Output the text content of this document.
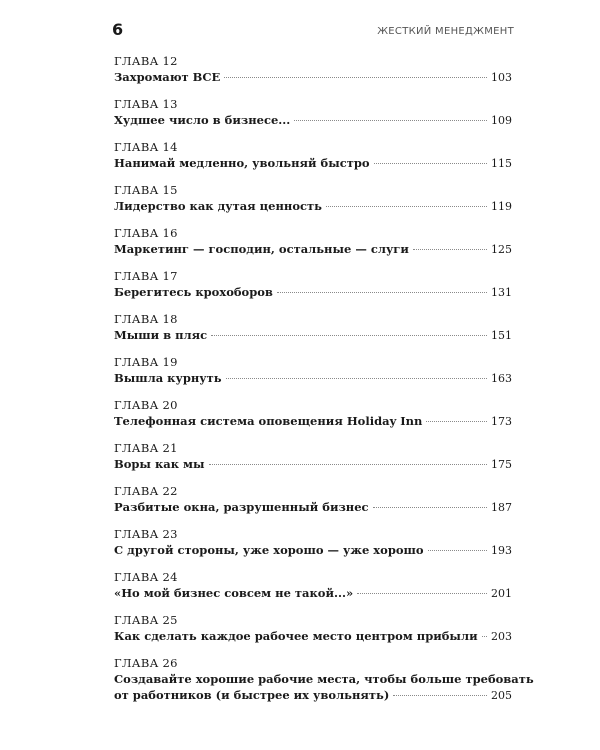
6	ЖЕСТКИЙ МЕНЕДЖМЕНТ
ГЛАВА 12
Захромают ВСЕ	103
ГЛАВА 13
Худшее число в бизнесе...	109
ГЛАВА 14
Нанимай медленно, увольняй быстро	115
ГЛАВА 15
Лидерство как дутая ценность	119
ГЛАВА 16
Маркетинг — господин, остальные — слуги	125
ГЛАВА 17
Берегитесь крохоборов	131
ГЛАВА 18
Мыши в пляс	151
ГЛАВА 19
Вышла курнуть	163
ГЛАВА 20
Телефонная система оповещения Holiday Inn	173
ГЛАВА 21
Воры как мы	175
ГЛАВА 22
Разбитые окна, разрушенный бизнес	187
ГЛАВА 23
С другой стороны, уже хорошо — уже хорошо	193
ГЛАВА 24
«Но мой бизнес совсем не такой...»	201
ГЛАВА 25
Как сделать каждое рабочее место центром прибыли 203
ГЛАВА 26
Создавайте хорошие рабочие места, чтобы больше требовать
от работников (и быстрее их увольнять)	205
